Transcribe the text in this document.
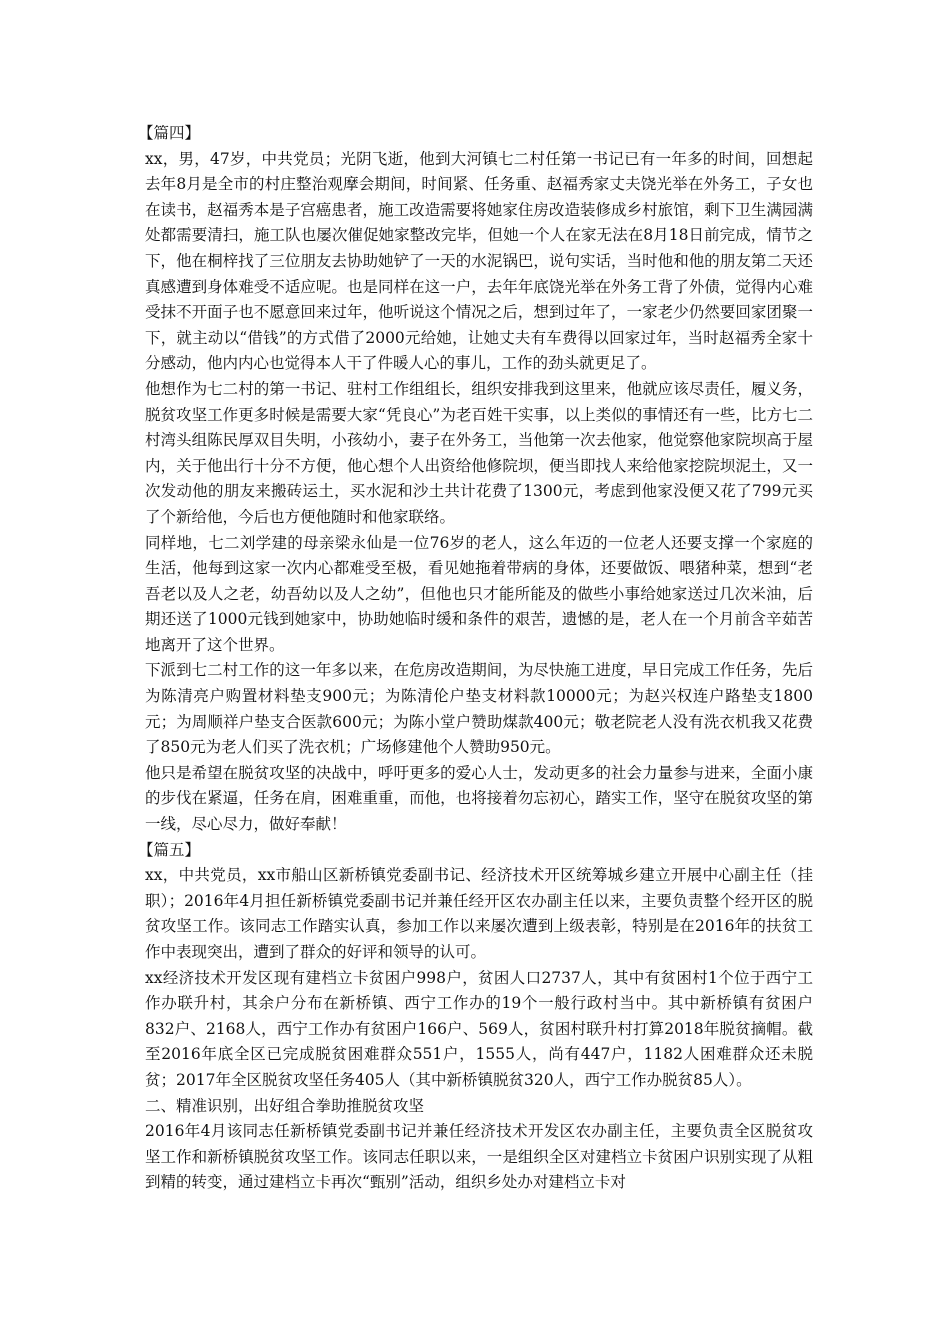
【篇四】

xx，男，47岁，中共党员；光阴飞逝，他到大河镇七二村任第一书记已有一年多的时间，回想起去年8月是全市的村庄整治观摩会期间，时间紧、任务重、赵福秀家丈夫饶光举在外务工，子女也在读书，赵福秀本是子宫癌患者，施工改造需要将她家住房改造装修成乡村旅馆，剩下卫生满园满处都需要清扫，施工队也屡次催促她家整改完毕，但她一个人在家无法在8月18日前完成，情节之下，他在桐梓找了三位朋友去协助她铲了一天的水泥锅巴，说句实话，当时他和他的朋友第二天还真感遭到身体难受不适应呢。也是同样在这一户，去年年底饶光举在外务工背了外债，觉得内心难受抹不开面子也不愿意回来过年，他听说这个情况之后，想到过年了，一家老少仍然要回家团聚一下，就主动以“借钱”的方式借了2000元给她，让她丈夫有车费得以回家过年，当时赵福秀全家十分感动，他内内心也觉得本人干了件暖人心的事儿，工作的劲头就更足了。

他想作为七二村的第一书记、驻村工作组组长，组织安排我到这里来，他就应该尽责任，履义务，脱贫攻坚工作更多时候是需要大家“凭良心”为老百姓干实事，以上类似的事情还有一些，比方七二村湾头组陈民厚双目失明，小孩幼小，妻子在外务工，当他第一次去他家，他觉察他家院坝高于屋内，关于他出行十分不方便，他心想个人出资给他修院坝，便当即找人来给他家挖院坝泥土，又一次发动他的朋友来搬砖运土，买水泥和沙土共计花费了1300元，考虑到他家没便又花了799元买了个新给他，今后也方便他随时和他家联络。

同样地，七二刘学建的母亲梁永仙是一位76岁的老人，这么年迈的一位老人还要支撑一个家庭的生活，他每到这家一次内心都难受至极，看见她拖着带病的身体，还要做饭、喂猪种菜，想到“老吾老以及人之老，幼吾幼以及人之幼”，但他也只才能所能及的做些小事给她家送过几次米油，后期还送了1000元钱到她家中，协助她临时缓和条件的艰苦，遗憾的是，老人在一个月前含辛茹苦地离开了这个世界。

下派到七二村工作的这一年多以来，在危房改造期间，为尽快施工进度，早日完成工作任务，先后为陈清亮户购置材料垫支900元；为陈清伦户垫支材料款10000元；为赵兴权连户路垫支1800元；为周顺祥户垫支合医款600元；为陈小堂户赞助煤款400元；敬老院老人没有洗衣机我又花费了850元为老人们买了洗衣机；广场修建他个人赞助950元。

他只是希望在脱贫攻坚的决战中，呼吁更多的爱心人士，发动更多的社会力量参与进来，全面小康的步伐在紧逼，任务在肩，困难重重，而他，也将接着勿忘初心，踏实工作，坚守在脱贫攻坚的第一线，尽心尽力，做好奉献！

【篇五】

xx，中共党员，xx市船山区新桥镇党委副书记、经济技术开区统筹城乡建立开展中心副主任（挂职）；2016年4月担任新桥镇党委副书记并兼任经开区农办副主任以来，主要负责整个经开区的脱贫攻坚工作。该同志工作踏实认真，参加工作以来屡次遭到上级表彰，特别是在2016年的扶贫工作中表现突出，遭到了群众的好评和领导的认可。

xx经济技术开发区现有建档立卡贫困户998户，贫困人口2737人，其中有贫困村1个位于西宁工作办联升村，其余户分布在新桥镇、西宁工作办的19个一般行政村当中。其中新桥镇有贫困户832户、2168人，西宁工作办有贫困户166户、569人，贫困村联升村打算2018年脱贫摘帽。截至2016年底全区已完成脱贫困难群众551户，1555人，尚有447户，1182人困难群众还未脱贫；2017年全区脱贫攻坚任务405人（其中新桥镇脱贫320人，西宁工作办脱贫85人）。

二、精准识别，出好组合拳助推脱贫攻坚

2016年4月该同志任新桥镇党委副书记并兼任经济技术开发区农办副主任，主要负责全区脱贫攻坚工作和新桥镇脱贫攻坚工作。该同志任职以来，一是组织全区对建档立卡贫困户识别实现了从粗到精的转变，通过建档立卡再次“甄别”活动，组织乡处办对建档立卡对
